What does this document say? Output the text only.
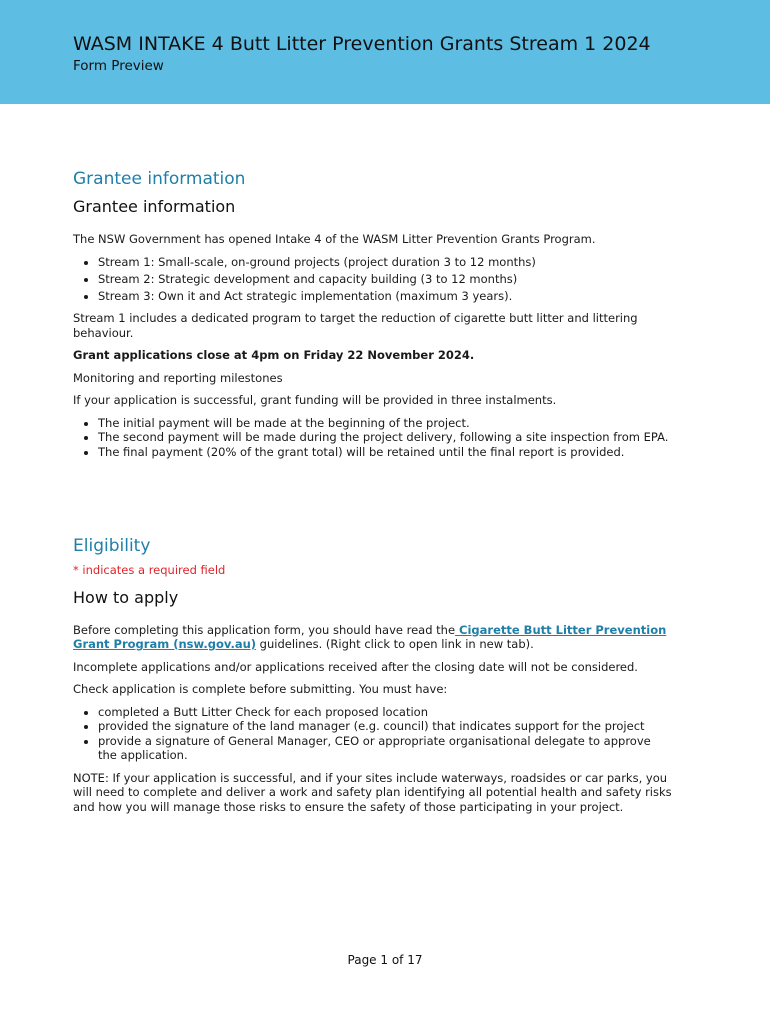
WASM INTAKE 4 Butt Litter Prevention Grants Stream 1 2024
Form Preview
Grantee information
Grantee information

The NSW Government has opened Intake 4 of the WASM Litter Prevention Grants Program.

• Stream 1: Small-scale, on-ground projects (project duration 3 to 12 months)
• Stream 2: Strategic development and capacity building (3 to 12 months)
• Stream 3: Own it and Act strategic implementation (maximum 3 years).

Stream 1 includes a dedicated program to target the reduction of cigarette butt litter and littering behaviour.

Grant applications close at 4pm on Friday 22 November 2024.

Monitoring and reporting milestones

If your application is successful, grant funding will be provided in three instalments.

• The initial payment will be made at the beginning of the project.
• The second payment will be made during the project delivery, following a site inspection from EPA.
• The final payment (20% of the grant total) will be retained until the final report is provided.
Eligibility

* indicates a required field

How to apply

Before completing this application form, you should have read the Cigarette Butt Litter Prevention Grant Program (nsw.gov.au) guidelines. (Right click to open link in new tab).

Incomplete applications and/or applications received after the closing date will not be considered.

Check application is complete before submitting. You must have:

• completed a Butt Litter Check for each proposed location
• provided the signature of the land manager (e.g. council) that indicates support for the project
• provide a signature of General Manager, CEO or appropriate organisational delegate to approve the application.

NOTE: If your application is successful, and if your sites include waterways, roadsides or car parks, you will need to complete and deliver a work and safety plan identifying all potential health and safety risks and how you will manage those risks to ensure the safety of those participating in your project.

Page 1 of 17
